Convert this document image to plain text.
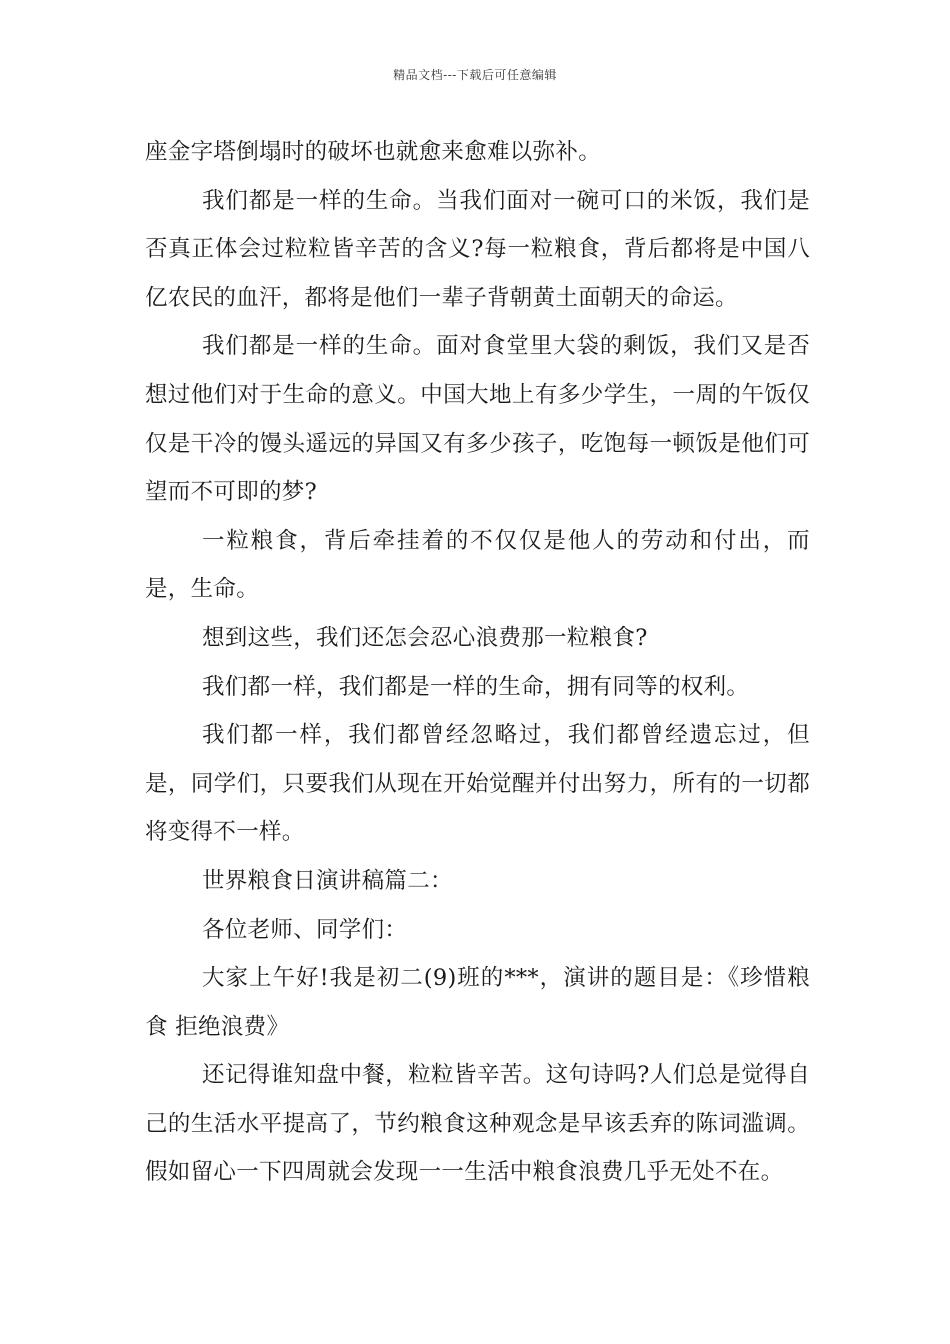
精品文档---下载后可任意编辑

座金字塔倒塌时的破坏也就愈来愈难以弥补。

我们都是一样的生命。当我们面对一碗可口的米饭，我们是否真正体会过粒粒皆辛苦的含义?每一粒粮食，背后都将是中国八亿农民的血汗，都将是他们一辈子背朝黄土面朝天的命运。

我们都是一样的生命。面对食堂里大袋的剩饭，我们又是否想过他们对于生命的意义。中国大地上有多少学生，一周的午饭仅仅是干冷的馒头遥远的异国又有多少孩子，吃饱每一顿饭是他们可望而不可即的梦?

一粒粮食，背后牵挂着的不仅仅是他人的劳动和付出，而是，生命。

想到这些，我们还怎会忍心浪费那一粒粮食?

我们都一样，我们都是一样的生命，拥有同等的权利。

我们都一样，我们都曾经忽略过，我们都曾经遗忘过，但是，同学们，只要我们从现在开始觉醒并付出努力，所有的一切都将变得不一样。

世界粮食日演讲稿篇二：

各位老师、同学们：

大家上午好!我是初二(9)班的***，演讲的题目是：《珍惜粮食 拒绝浪费》

还记得谁知盘中餐，粒粒皆辛苦。这句诗吗?人们总是觉得自己的生活水平提高了，节约粮食这种观念是早该丢弃的陈词滥调。假如留心一下四周就会发现一一生活中粮食浪费几乎无处不在。
